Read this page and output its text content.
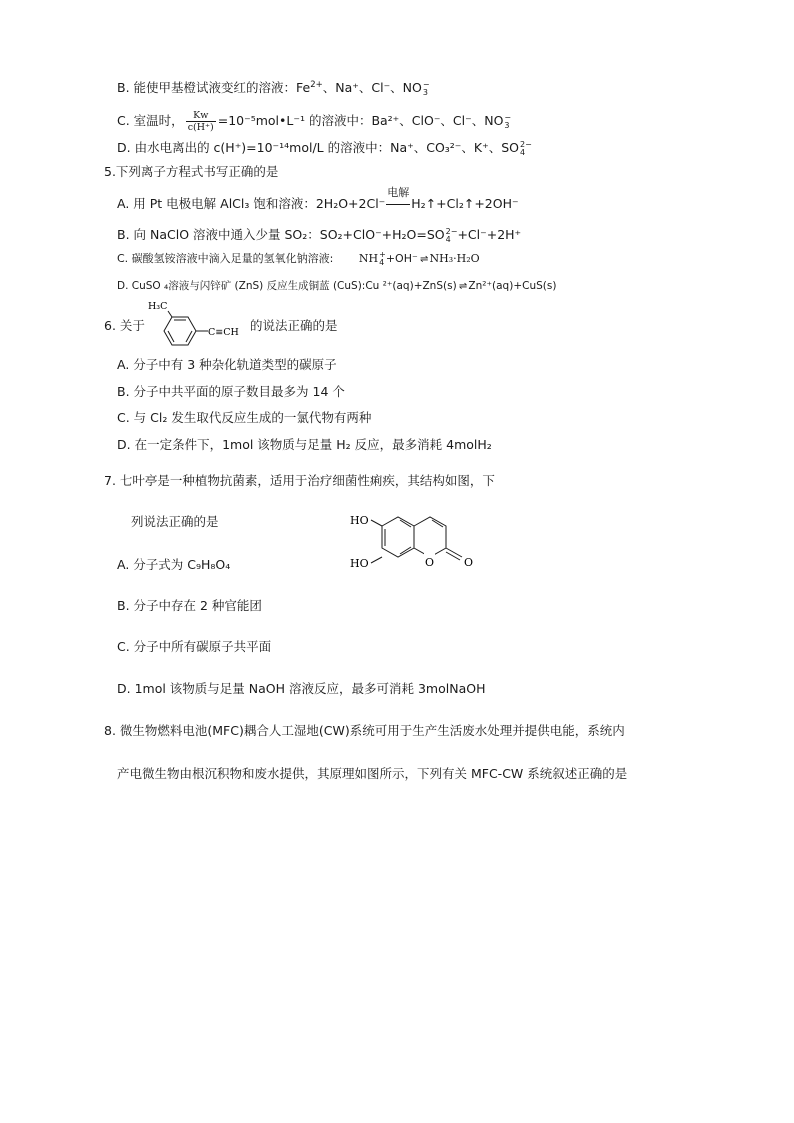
B. 能使甲基橙试液变红的溶液：$Fe^{2+}$、Na⁺、Cl⁻、NO −
3
C. 室温时， $\frac{Kw}{c(H^+)}$ =10⁻⁵mol•L⁻¹ 的溶液中：Ba²⁺、ClO⁻、Cl⁻、NO −
3
D. 由水电离出的 c(H⁺)=10⁻¹⁴mol/L 的溶液中：Na⁺、CO₃²⁻、K⁺、SO 2−
4
5.下列离子方程式书写正确的是
A. 用 Pt 电极电解 AlCl₃ 饱和溶液：2H₂O+2Cl⁻
电解
H₂↑+Cl₂↑+2OH⁻
B. 向 NaClO 溶液中通入少量 SO₂：SO₂+ClO⁻+H₂O=SO 2−
4 +Cl⁻+2H⁺
C. 碳酸氢铵溶液中滴入足量的氢氧化钠溶液: NH +
4 +OH⁻ ⇌ NH₃·H₂O
D. CuSO ₄溶液与闪锌矿 (ZnS) 反应生成铜蓝 (CuS):Cu ²⁺(aq)+ZnS(s) ⇌ Zn²⁺(aq)+CuS(s)
6. 关于
H₃C
C≡CH 的说法正确的是
A. 分子中有 3 种杂化轨道类型的碳原子
B. 分子中共平面的原子数目最多为 14 个
C. 与 Cl₂ 发生取代反应生成的一氯代物有两种
D. 在一定条件下，1mol 该物质与足量 H₂ 反应，最多消耗 4molH₂
7. 七叶亭是一种植物抗菌素，适用于治疗细菌性痢疾，其结构如图，下
列说法正确的是	HO
HO	O	O
A. 分子式为 C₉H₈O₄
B. 分子中存在 2 种官能团
C. 分子中所有碳原子共平面
D. 1mol 该物质与足量 NaOH 溶液反应，最多可消耗 3molNaOH
8. 微生物燃料电池(MFC)耦合人工湿地(CW)系统可用于生产生活废水处理并提供电能，系统内
产电微生物由根沉积物和废水提供，其原理如图所示，下列有关 MFC-CW 系统叙述正确的是
